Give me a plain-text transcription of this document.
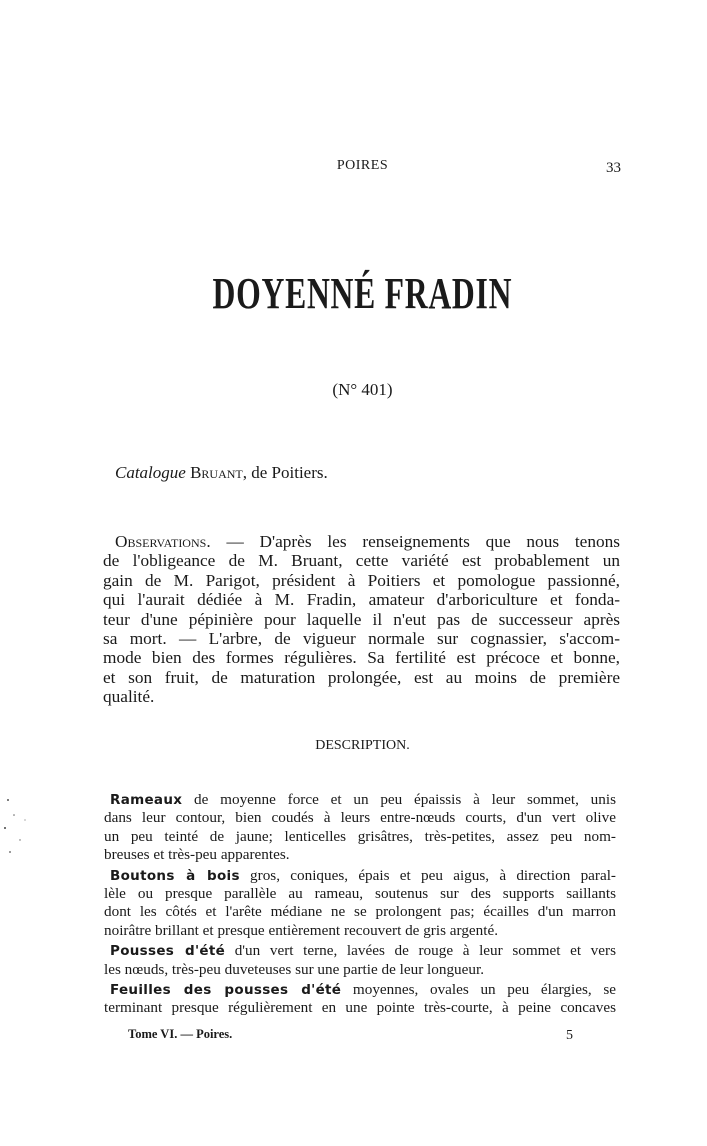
POIRES	33
DOYENNÉ FRADIN
(N° 401)
Catalogue Bruant, de Poitiers.
Observations. — D'après les renseignements que nous tenons
de l'obligeance de M. Bruant, cette variété est probablement un
gain de M. Parigot, président à Poitiers et pomologue passionné,
qui l'aurait dédiée à M. Fradin, amateur d'arboriculture et fonda-
teur d'une pépinière pour laquelle il n'eut pas de successeur après
sa mort. — L'arbre, de vigueur normale sur cognassier, s'accom-
mode bien des formes régulières. Sa fertilité est précoce et bonne,
et son fruit, de maturation prolongée, est au moins de première
qualité.
DESCRIPTION.
Rameaux de moyenne force et un peu épaissis à leur sommet, unis
dans leur contour, bien coudés à leurs entre-nœuds courts, d'un vert olive
un peu teinté de jaune; lenticelles grisâtres, très-petites, assez peu nom-
breuses et très-peu apparentes.
Boutons à bois gros, coniques, épais et peu aigus, à direction paral-
lèle ou presque parallèle au rameau, soutenus sur des supports saillants
dont les côtés et l'arête médiane ne se prolongent pas; écailles d'un marron
noirâtre brillant et presque entièrement recouvert de gris argenté.
Pousses d'été d'un vert terne, lavées de rouge à leur sommet et vers
les nœuds, très-peu duveteuses sur une partie de leur longueur.
Feuilles des pousses d'été moyennes, ovales un peu élargies, se
terminant presque régulièrement en une pointe très-courte, à peine concaves
Tome VI. — Poires.	5
